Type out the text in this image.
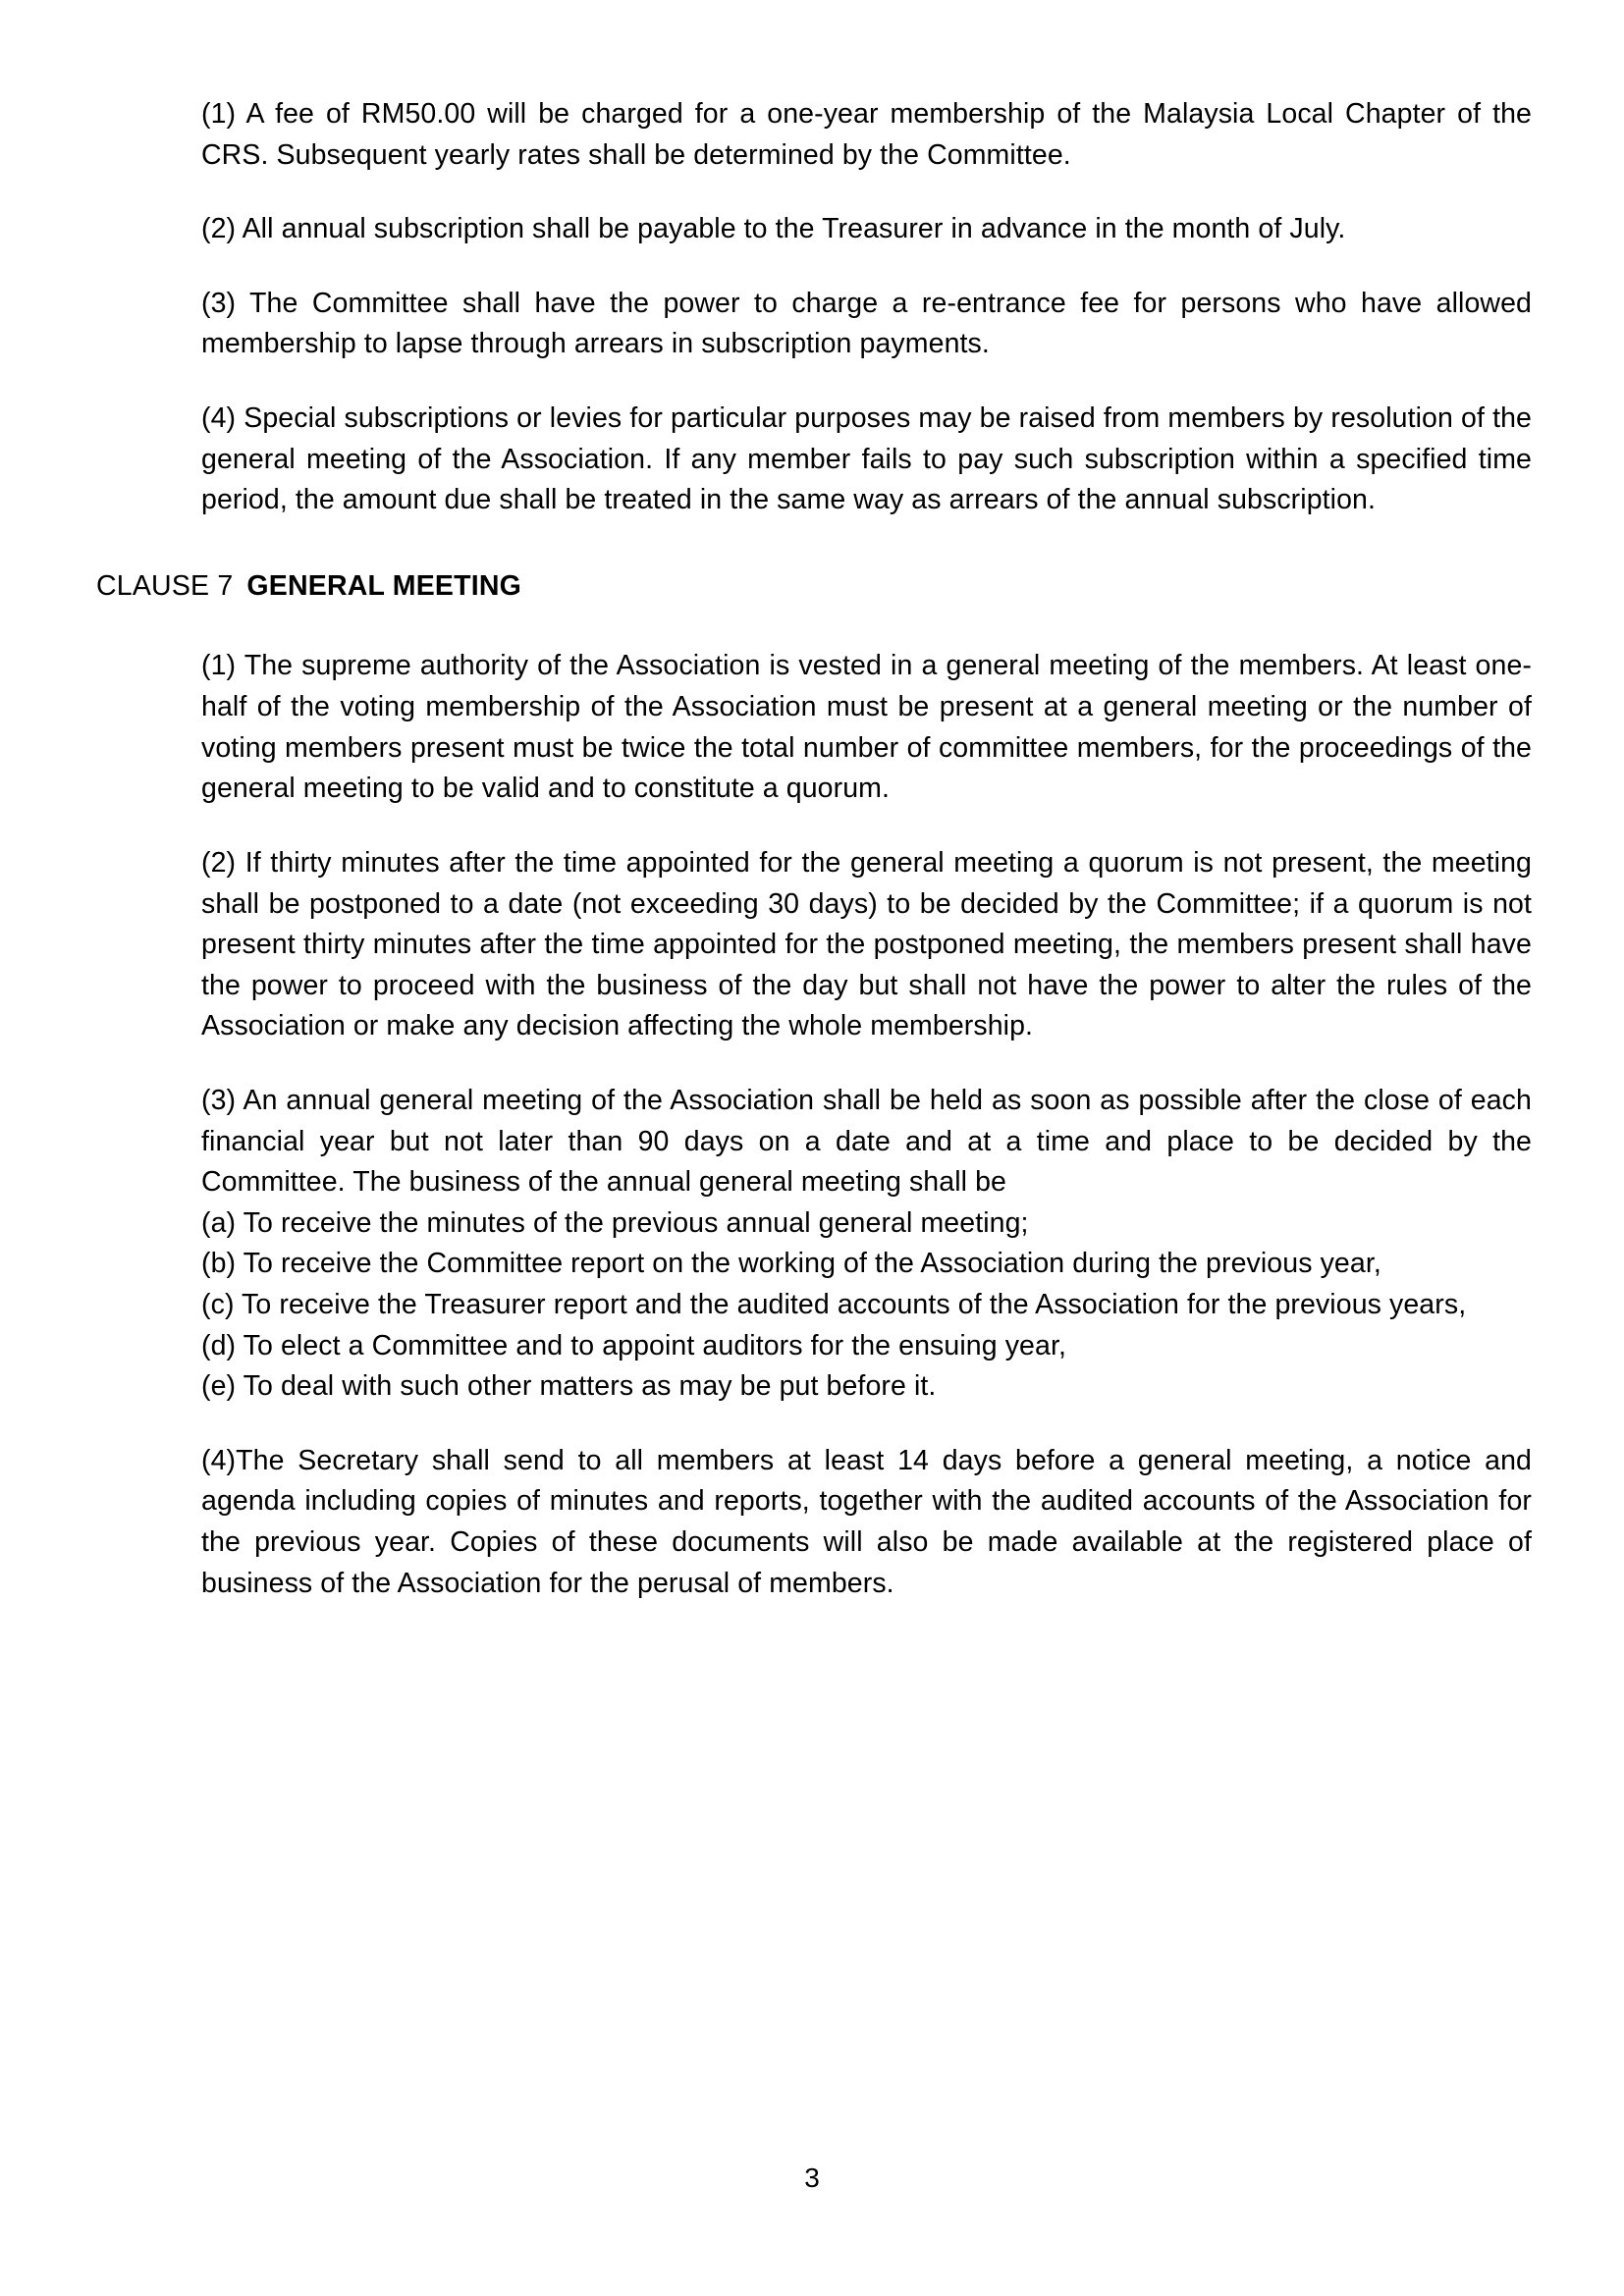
(1) A fee of RM50.00 will be charged for a one-year membership of the Malaysia Local Chapter of the CRS. Subsequent yearly rates shall be determined by the Committee.

(2) All annual subscription shall be payable to the Treasurer in advance in the month of July.

(3) The Committee shall have the power to charge a re-entrance fee for persons who have allowed membership to lapse through arrears in subscription payments.

(4) Special subscriptions or levies for particular purposes may be raised from members by resolution of the general meeting of the Association. If any member fails to pay such subscription within a specified time period, the amount due shall be treated in the same way as arrears of the annual subscription.

CLAUSE 7 GENERAL MEETING

(1) The supreme authority of the Association is vested in a general meeting of the members. At least one-half of the voting membership of the Association must be present at a general meeting or the number of voting members present must be twice the total number of committee members, for the proceedings of the general meeting to be valid and to constitute a quorum.

(2) If thirty minutes after the time appointed for the general meeting a quorum is not present, the meeting shall be postponed to a date (not exceeding 30 days) to be decided by the Committee; if a quorum is not present thirty minutes after the time appointed for the postponed meeting, the members present shall have the power to proceed with the business of the day but shall not have the power to alter the rules of the Association or make any decision affecting the whole membership.

(3) An annual general meeting of the Association shall be held as soon as possible after the close of each financial year but not later than 90 days on a date and at a time and place to be decided by the Committee. The business of the annual general meeting shall be

(a) To receive the minutes of the previous annual general meeting;

(b) To receive the Committee report on the working of the Association during the previous year,

(c) To receive the Treasurer report and the audited accounts of the Association for the previous years,

(d) To elect a Committee and to appoint auditors for the ensuing year,

(e) To deal with such other matters as may be put before it.

(4)The Secretary shall send to all members at least 14 days before a general meeting, a notice and agenda including copies of minutes and reports, together with the audited accounts of the Association for the previous year. Copies of these documents will also be made available at the registered place of business of the Association for the perusal of members.

3
